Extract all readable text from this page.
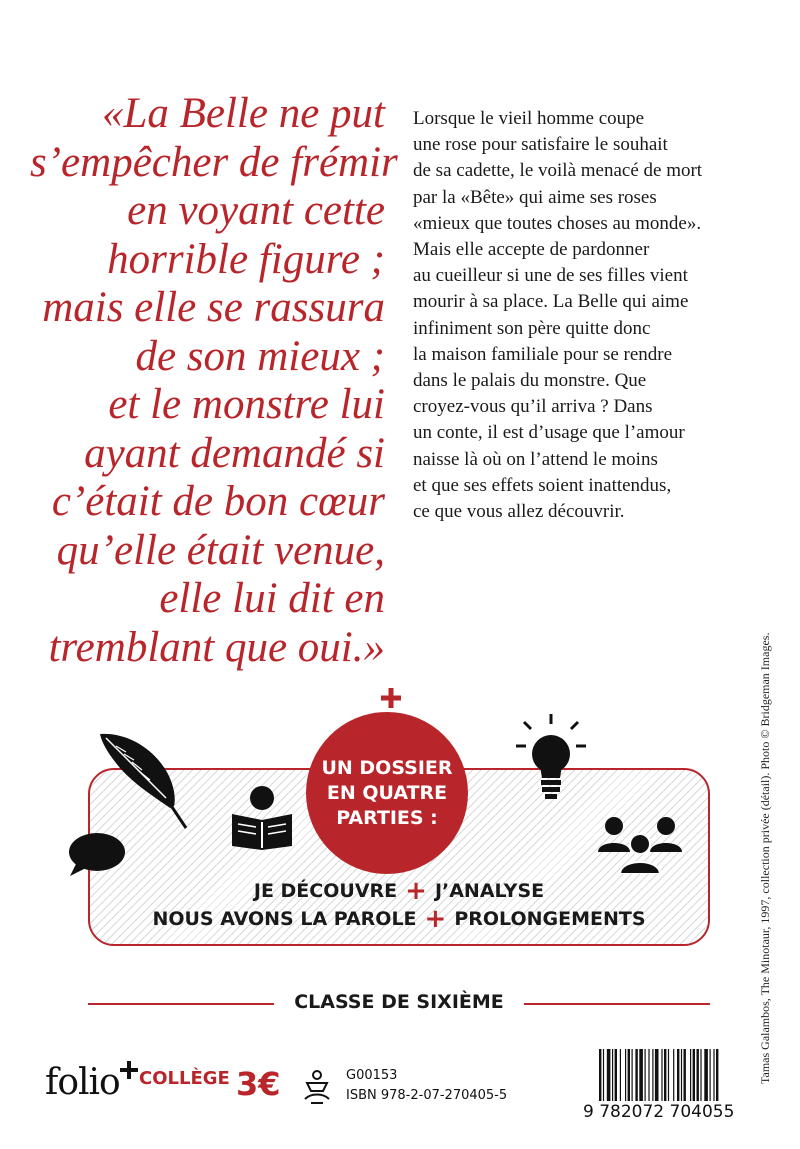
«La Belle ne put
s’empêcher de frémir
en voyant cette
horrible figure ;
mais elle se rassura
de son mieux ;
et le monstre lui
ayant demandé si
c’était de bon cœur
qu’elle était venue,
elle lui dit en
tremblant que oui.»
Lorsque le vieil homme coupe
une rose pour satisfaire le souhait
de sa cadette, le voilà menacé de mort
par la «Bête» qui aime ses roses
«mieux que toutes choses au monde».
Mais elle accepte de pardonner
au cueilleur si une de ses filles vient
mourir à sa place. La Belle qui aime
infiniment son père quitte donc
la maison familiale pour se rendre
dans le palais du monstre. Que
croyez-vous qu’il arriva ? Dans
un conte, il est d’usage que l’amour
naisse là où on l’attend le moins
et que ses effets soient inattendus,
ce que vous allez découvrir.
UN DOSSIER
EN QUATRE
PARTIES :
JE DÉCOUVRE + J’ANALYSE
NOUS AVONS LA PAROLE + PROLONGEMENTS
CLASSE DE SIXIÈME
folio COLLÈGE 3€	G00153
ISBN 978-2-07-270405-5
9 782072 704055
Tamas Galambos, The Minotaur, 1997, collection privée (détail). Photo © Bridgeman Images.
